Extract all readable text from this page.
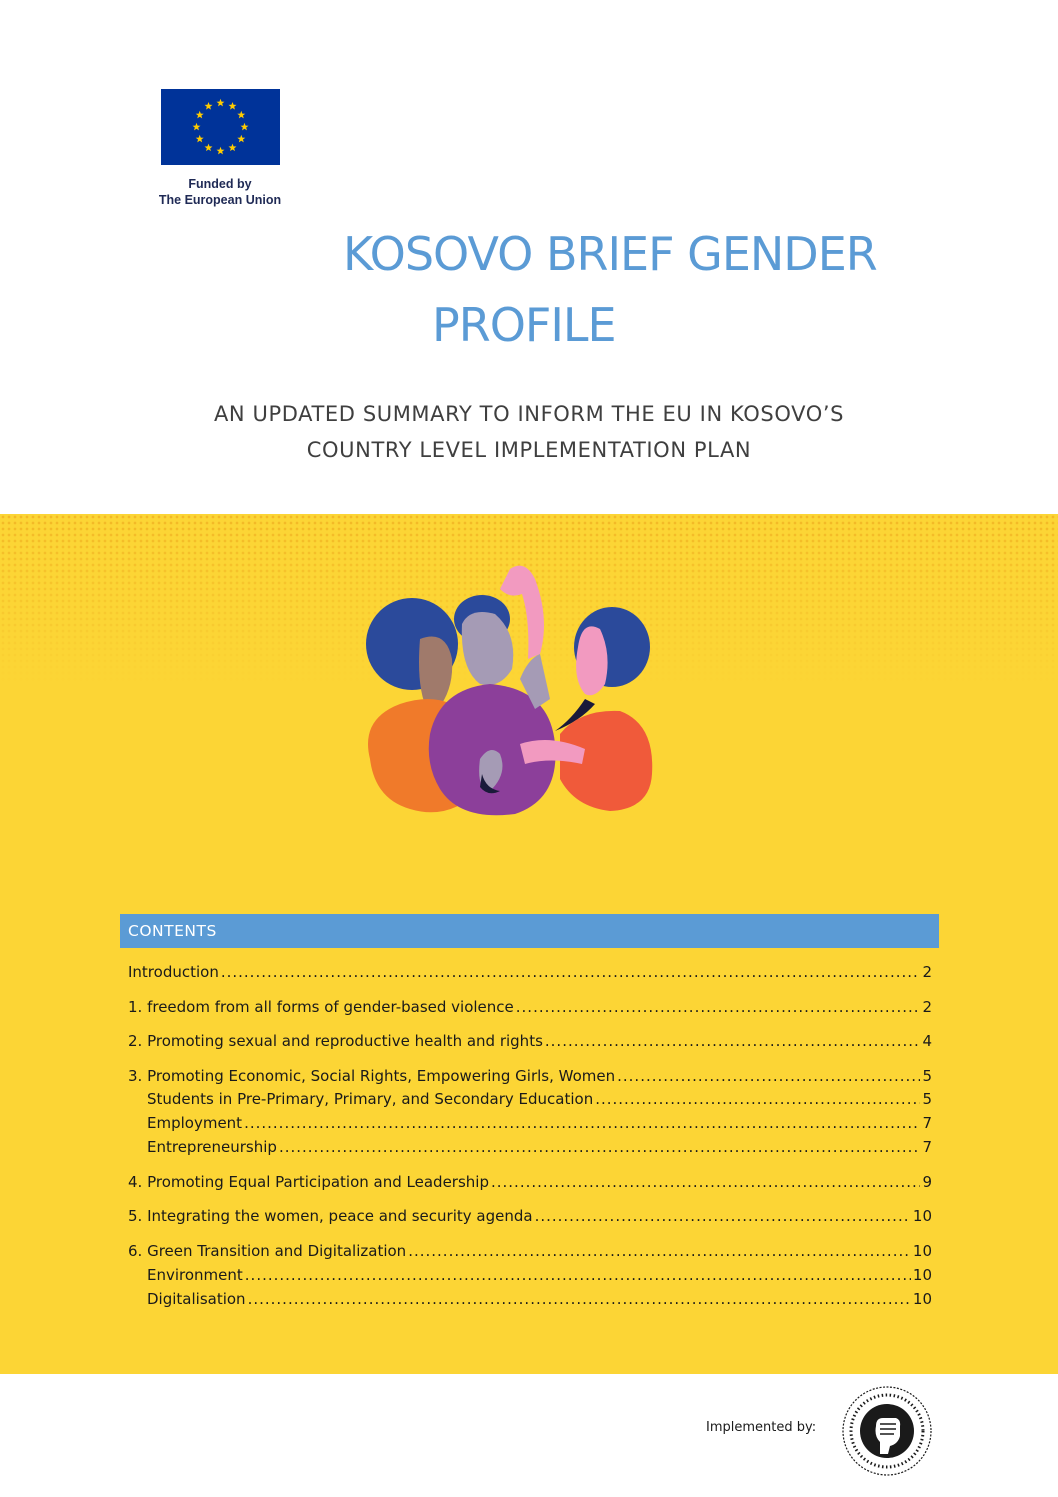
Funded by
The European Union
KOSOVO BRIEF GENDER
PROFILE
AN UPDATED SUMMARY TO INFORM THE EU IN KOSOVO’S
COUNTRY LEVEL IMPLEMENTATION PLAN
CONTENTS
Introduction .....	2
1. freedom from all forms of gender-based violence .....	2
2. Promoting sexual and reproductive health and rights .....	4
3. Promoting Economic, Social Rights, Empowering Girls, Women .....	5
Students in Pre-Primary, Primary, and Secondary Education .....	5
Employment .....	7
Entrepreneurship .....	7
4. Promoting Equal Participation and Leadership .....	9
5. Integrating the women, peace and security agenda .....	10
6. Green Transition and Digitalization .....	10
Environment .....	10
Digitalisation .....	10
Implemented by:
